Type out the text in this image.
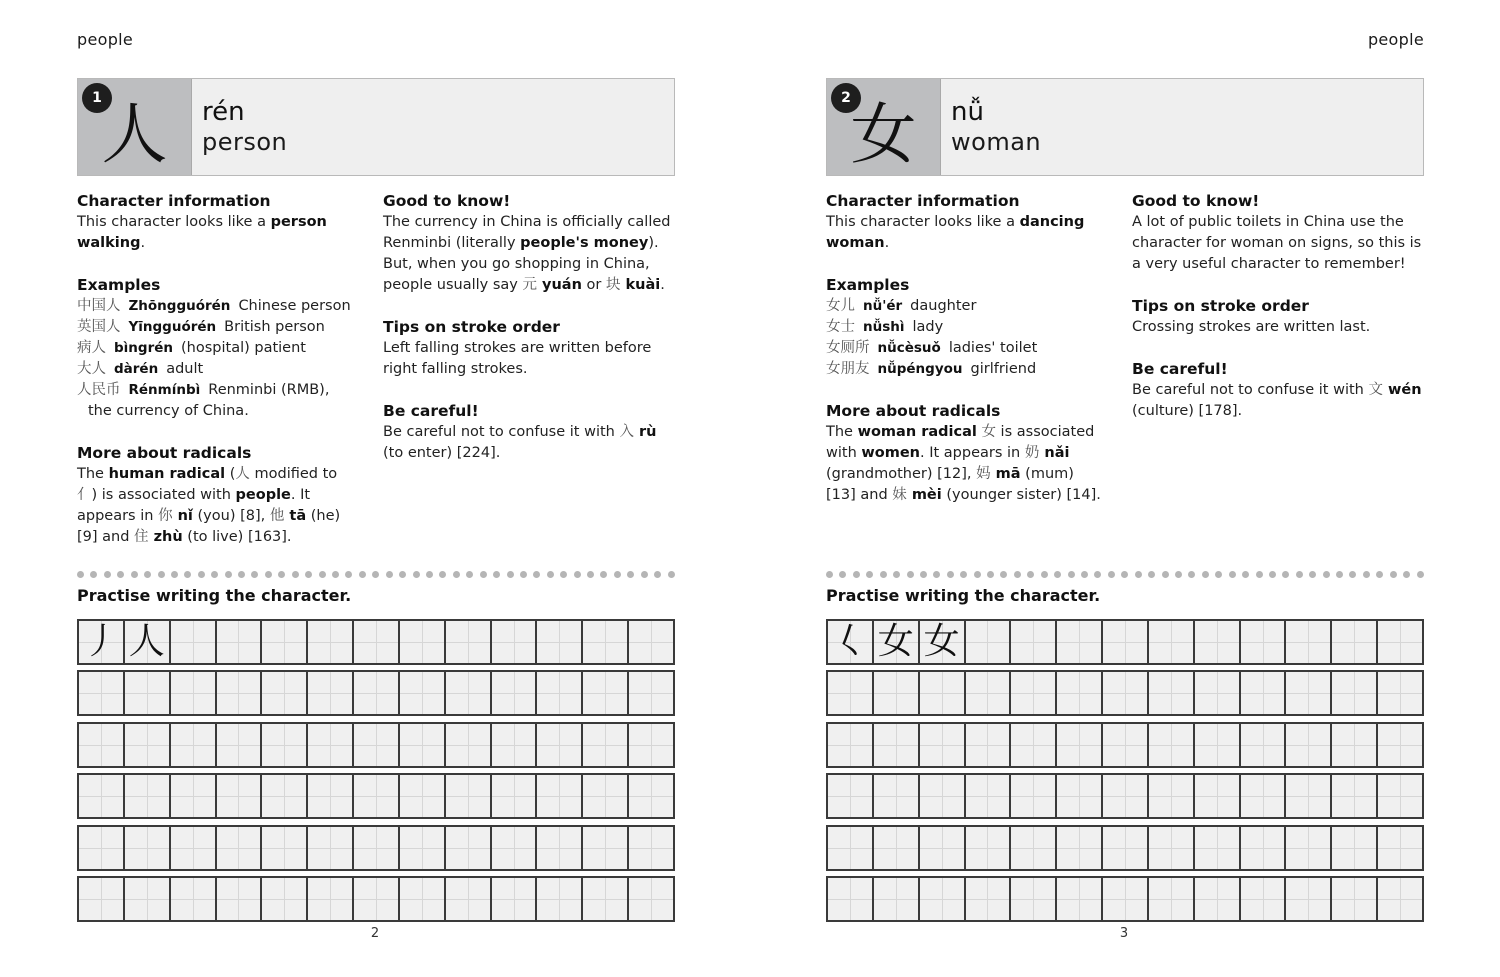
people
1 人	rén
person
Character information

This character looks like a person walking.

Examples
中国人 Zhōngguórén Chinese person
英国人 Yīngguórén British person
病人 bìngrén (hospital) patient
大人 dàrén adult
人民币 Rénmínbì Renminbi (RMB),
the currency of China.
More about radicals

The human radical (人 modified to 亻) is associated with people. It appears in 你 nǐ (you) [8], 他 tā (he) [9] and 住 zhù (to live) [163].

Good to know!

The currency in China is officially called Renminbi (literally people's money). But, when you go shopping in China, people usually say 元 yuán or 块 kuài.

Tips on stroke order

Left falling strokes are written before right falling strokes.

Be careful!

Be careful not to confuse it with 入 rù (to enter) [224].

Practise writing the character.
丿 人
2
people
2 女	nǚ
woman
Character information

This character looks like a dancing woman.

Examples
女儿 nǚ'ér daughter
女士 nǚshì lady
女厕所 nǚcèsuǒ ladies' toilet
女朋友 nǚpéngyou girlfriend
More about radicals

The woman radical 女 is associated with women. It appears in 奶 nǎi (grandmother) [12], 妈 mā (mum) [13] and 妹 mèi (younger sister) [14].

Good to know!

A lot of public toilets in China use the character for woman on signs, so this is a very useful character to remember!

Tips on stroke order

Crossing strokes are written last.

Be careful!

Be careful not to confuse it with 文 wén (culture) [178].

Practise writing the character.
𡿨 女 女
3
